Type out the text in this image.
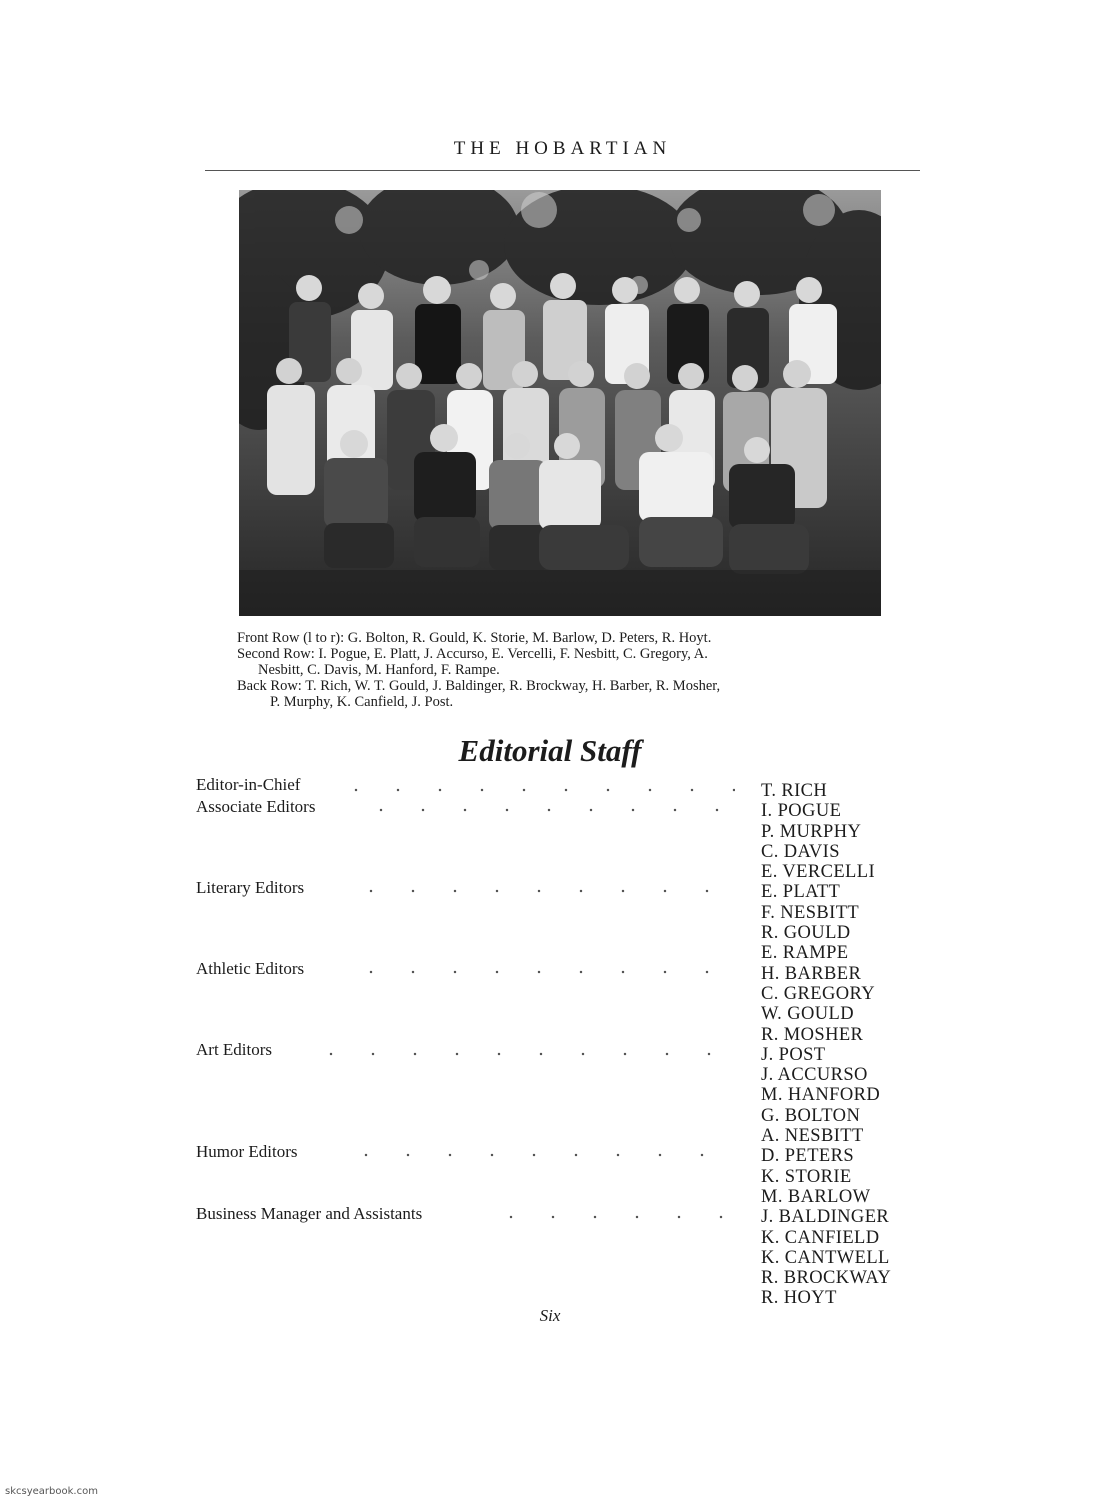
THE HOBARTIAN
Front Row (l to r): G. Bolton, R. Gould, K. Storie, M. Barlow, D. Peters, R. Hoyt.
Second Row: I. Pogue, E. Platt, J. Accurso, E. Vercelli, F. Nesbitt, C. Gregory, A.
Nesbitt, C. Davis, M. Hanford, F. Rampe.
Back Row: T. Rich, W. T. Gould, J. Baldinger, R. Brockway, H. Barber, R. Mosher,
P. Murphy, K. Canfield, J. Post.
Editorial Staff
Editor-in-Chief
Associate Editors
Literary Editors
Athletic Editors
Art Editors
Humor Editors
Business Manager and Assistants
T. RICH
I. POGUE
P. MURPHY
C. DAVIS
E. VERCELLI
E. PLATT
F. NESBITT
R. GOULD
E. RAMPE
H. BARBER
C. GREGORY
W. GOULD
R. MOSHER
J. POST
J. ACCURSO
M. HANFORD
G. BOLTON
A. NESBITT
D. PETERS
K. STORIE
M. BARLOW
J. BALDINGER
K. CANFIELD
K. CANTWELL
R. BROCKWAY
R. HOYT
Six
skcsyearbook.com
